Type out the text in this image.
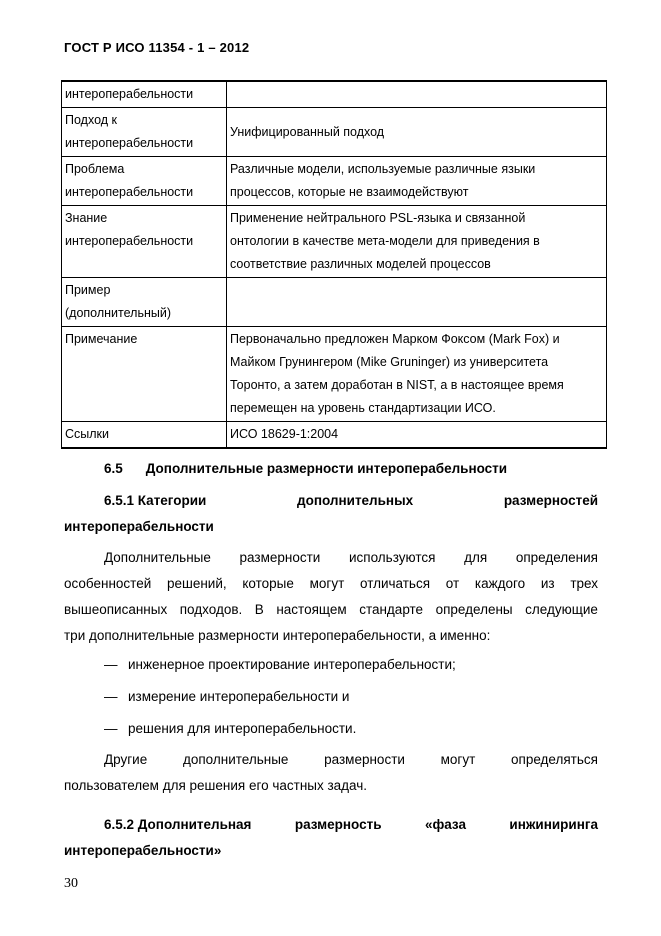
ГОСТ Р ИСО 11354 - 1 – 2012
интероперабельности	

Подход к
интероперабельности	Унифицированный подход

Проблема
интероперабельности	Различные модели, используемые различные языки
процессов, которые не взаимодействуют

Знание
интероперабельности	Применение нейтрального PSL-языка и связанной
онтологии в качестве мета-модели для приведения в
соответствие различных моделей процессов

Пример
(дополнительный)	

Примечание	Первоначально предложен Марком Фоксом (Mark Fox) и
Майком Грунингером (Mike Gruninger) из университета
Торонто, а затем доработан в NIST, а в настоящее время
перемещен на уровень стандартизации ИСО.

Ссылки	ИСО 18629-1:2004
6.5 Дополнительные размерности интероперабельности
6.5.1 Категории	дополнительных	размерностей
интероперабельности
Дополнительные размерности используются для определения
особенностей решений, которые могут отличаться от каждого из трех
вышеописанных подходов. В настоящем стандарте определены следующие
три дополнительные размерности интероперабельности, а именно:
— инженерное проектирование интероперабельности;
— измерение интероперабельности и
— решения для интероперабельности.
Другие	дополнительные	размерности	могут	определяться
пользователем для решения его частных задач.
6.5.2 Дополнительная	размерность	«фаза	инжиниринга
интероперабельности»
30
